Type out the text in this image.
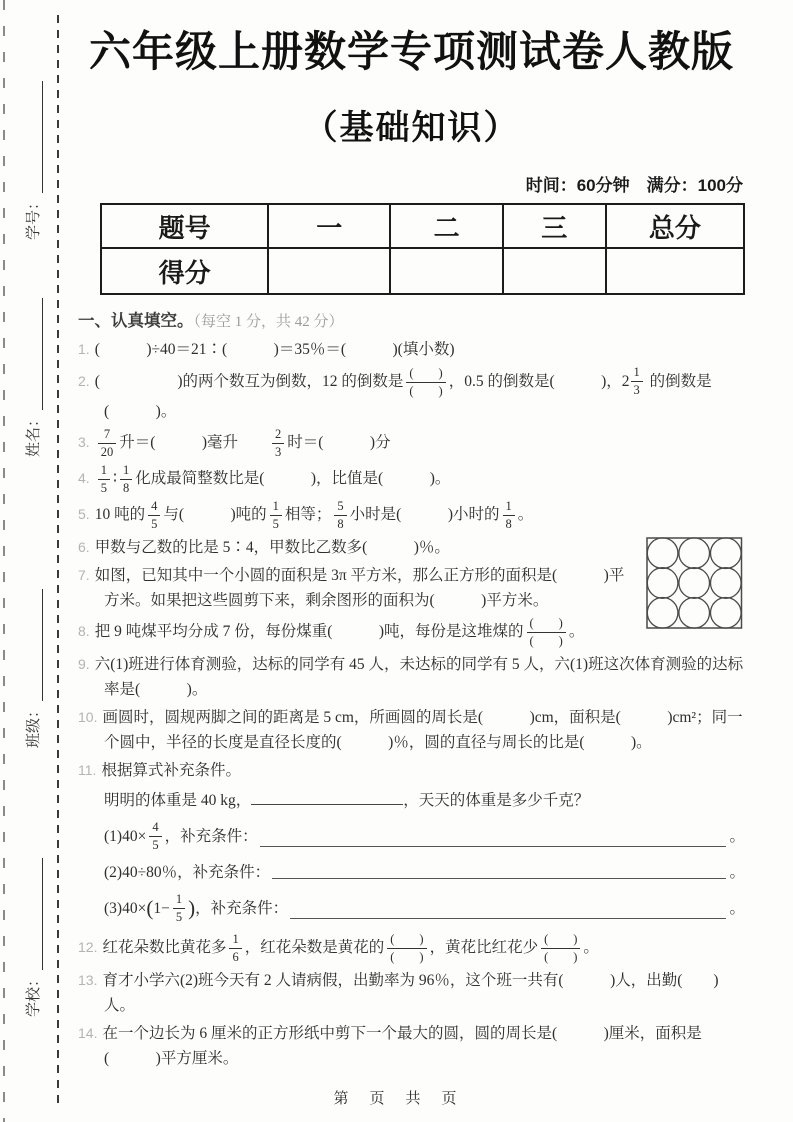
学号：
姓名：
班级：
学校：
六年级上册数学专项测试卷人教版
（基础知识）
时间：60分钟　满分：100分
题号	一	二	三	总分
得分				
一、认真填空。（每空 1 分，共 42 分）
1. (　　　)÷40＝21∶(　　　)＝35％＝(　　　)(填小数)
2. (　　　　　)的两个数互为倒数，12 的倒数是 $\frac{( )}{( )}$ ，0.5 的倒数是(　　　)， $2 \frac{1}{3}$ 的倒数是 (　　　)。
3. $\frac{7}{20}$ 升＝(　　　)毫升　　 $\frac{2}{3}$ 时＝(　　　)分
4. $\frac{1}{5}$ ∶ $\frac{1}{8}$ 化成最简整数比是(　　　)，比值是(　　　)。
5. 10 吨的 $\frac{4}{5}$ 与(　　　)吨的 $\frac{1}{5}$ 相等； $\frac{5}{8}$ 小时是(　　　)小时的 $\frac{1}{8}$ 。
6. 甲数与乙数的比是 5∶4，甲数比乙数多(　　　)％。
7. 如图，已知其中一个小圆的面积是 3π 平方米，那么正方形的面积是(　　　)平方米。如果把这些圆剪下来，剩余图形的面积为(　　　)平方米。
8. 把 9 吨煤平均分成 7 份，每份煤重(　　　)吨，每份是这堆煤的 $\frac{( )}{( )}$ 。
9. 六(1)班进行体育测验，达标的同学有 45 人，未达标的同学有 5 人，六(1)班这次体育测验的达标率是(　　　)。
10. 画圆时，圆规两脚之间的距离是 5 cm，所画圆的周长是(　　　)cm，面积是(　　　)cm²；同一个圆中，半径的长度是直径长度的(　　　)％，圆的直径与周长的比是(　　　)。
11. 根据算式补充条件。
明明的体重是 40 kg，	，天天的体重是多少千克？
$(1)40\times \frac{4}{5}$ ，补充条件：	。
(2)40÷80％，补充条件：	。
(3)40× ( $1- \frac{1}{5}$ ) ，补充条件：	。
12. 红花朵数比黄花多 $\frac{1}{6}$ ，红花朵数是黄花的 $\frac{( )}{( )}$ ，黄花比红花少 $\frac{( )}{( )}$ 。
13. 育才小学六(2)班今天有 2 人请病假，出勤率为 96％，这个班一共有(　　　)人，出勤(　　)人。
14. 在一个边长为 6 厘米的正方形纸中剪下一个最大的圆，圆的周长是(　　　)厘米，面积是(　　　)平方厘米。
第　页　共　页
